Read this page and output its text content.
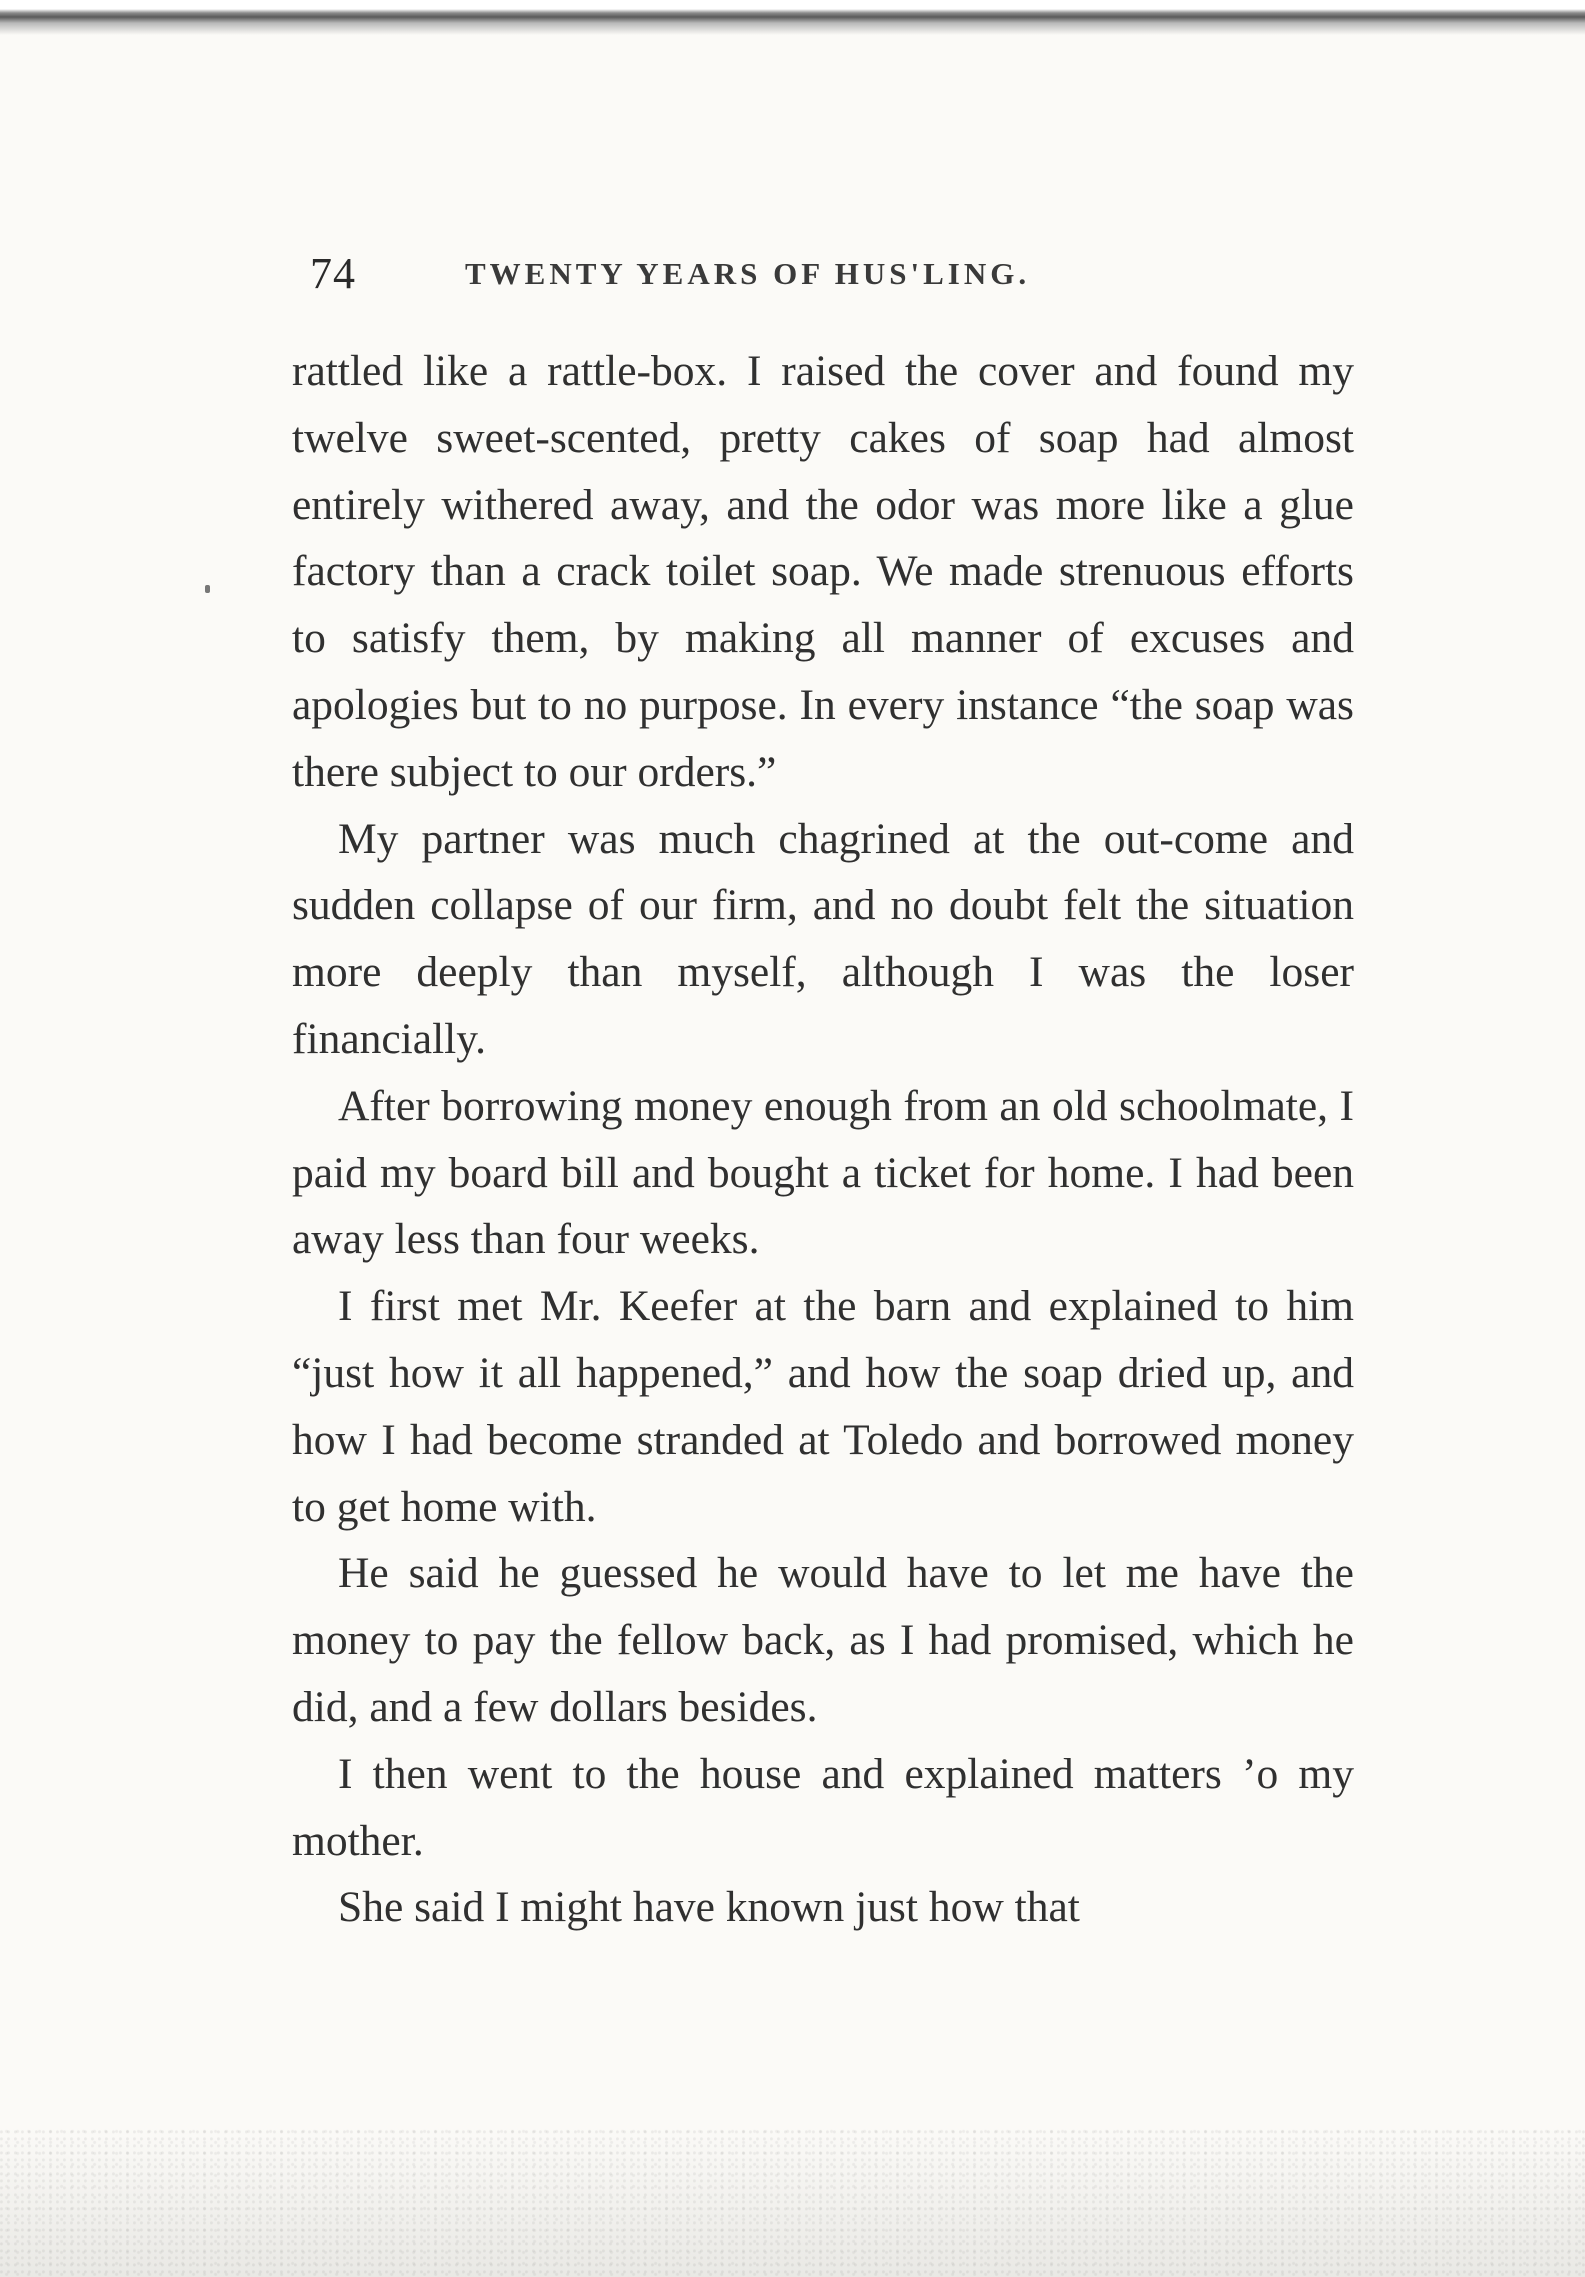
74	TWENTY YEARS OF HUS'LING.

rattled like a rattle-box. I raised the cover and found my twelve sweet-scented, pretty cakes of soap had almost entirely withered away, and the odor was more like a glue factory than a crack toilet soap. We made strenuous efforts to satisfy them, by making all manner of excuses and apologies but to no purpose. In every instance “the soap was there subject to our orders.”

My partner was much chagrined at the out-come and sudden collapse of our firm, and no doubt felt the situation more deeply than myself, although I was the loser financially.

After borrowing money enough from an old schoolmate, I paid my board bill and bought a ticket for home. I had been away less than four weeks.

I first met Mr. Keefer at the barn and explained to him “just how it all happened,” and how the soap dried up, and how I had become stranded at Toledo and borrowed money to get home with.

He said he guessed he would have to let me have the money to pay the fellow back, as I had promised, which he did, and a few dollars besides.

I then went to the house and explained matters ’o my mother.

She said I might have known just how that
